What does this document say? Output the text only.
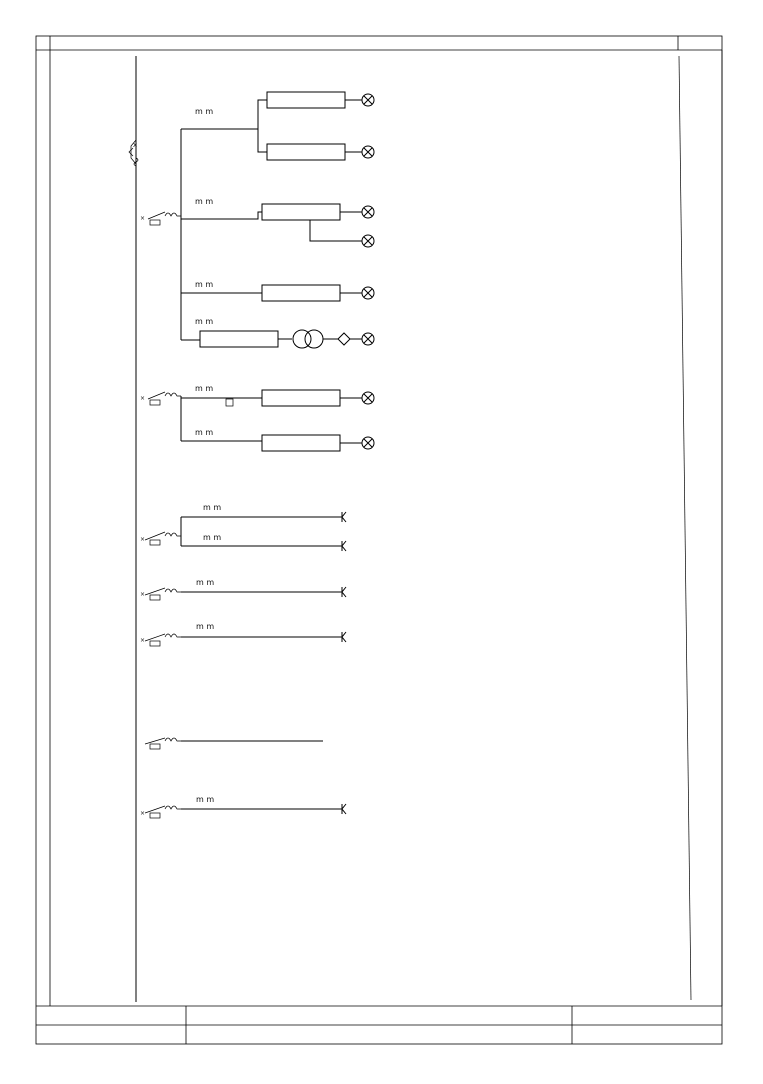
x
×
m m
m m
m m
m m
×
m m
m m
×
m m
m m
×
m m
×
m m
×
m m
